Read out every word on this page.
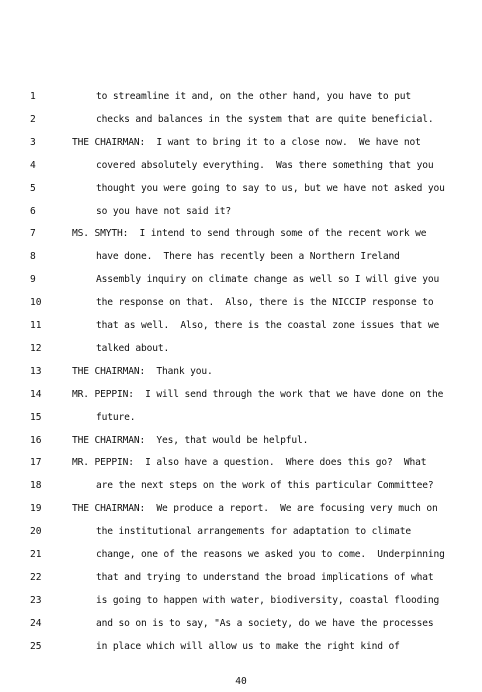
1	to streamline it and, on the other hand, you have to put
2	checks and balances in the system that are quite beneficial.
3	THE CHAIRMAN:  I want to bring it to a close now.  We have not
4	covered absolutely everything.  Was there something that you
5	thought you were going to say to us, but we have not asked you
6	so you have not said it?
7	MS. SMYTH:  I intend to send through some of the recent work we
8	have done.  There has recently been a Northern Ireland
9	Assembly inquiry on climate change as well so I will give you
10	the response on that.  Also, there is the NICCIP response to
11	that as well.  Also, there is the coastal zone issues that we
12	talked about.
13	THE CHAIRMAN:  Thank you.
14	MR. PEPPIN:  I will send through the work that we have done on the
15	future.
16	THE CHAIRMAN:  Yes, that would be helpful.
17	MR. PEPPIN:  I also have a question.  Where does this go?  What
18	are the next steps on the work of this particular Committee?
19	THE CHAIRMAN:  We produce a report.  We are focusing very much on
20	the institutional arrangements for adaptation to climate
21	change, one of the reasons we asked you to come.  Underpinning
22	that and trying to understand the broad implications of what
23	is going to happen with water, biodiversity, coastal flooding
24	and so on is to say, "As a society, do we have the processes
25	in place which will allow us to make the right kind of
40
